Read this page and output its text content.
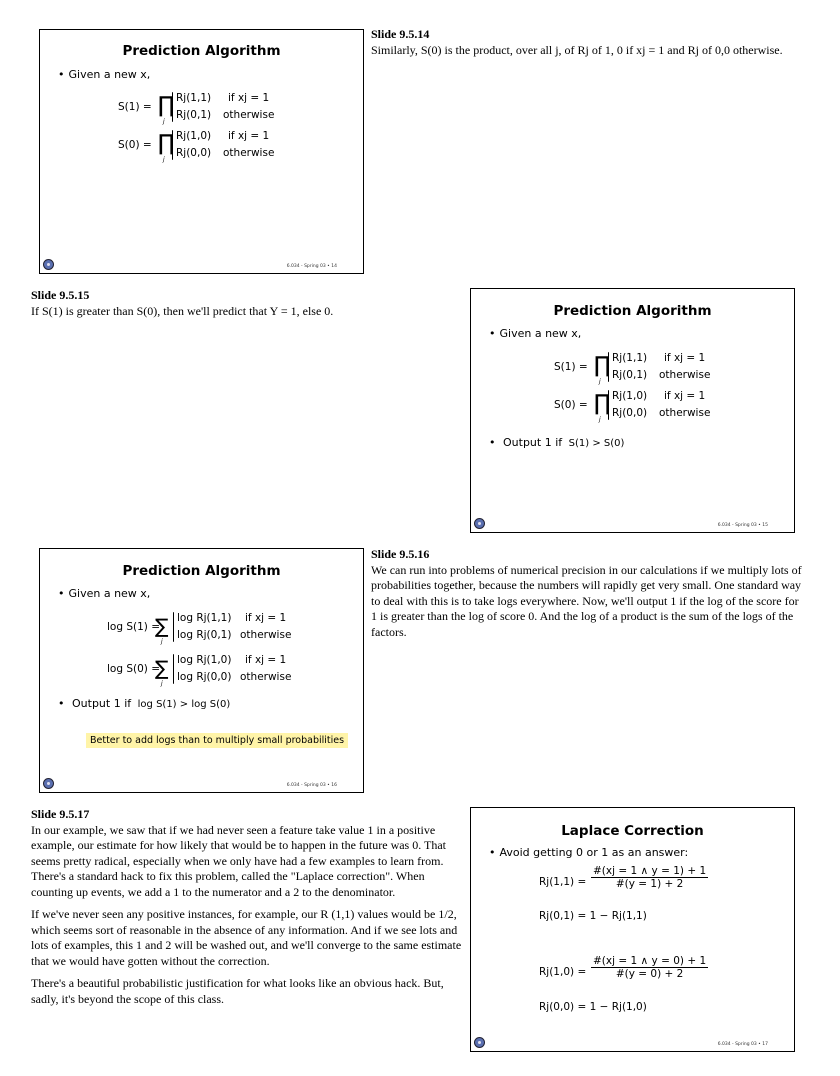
Prediction Algorithm
• Given a new x,
S(1) = ∏
j
Rj(1,1) if xj = 1
Rj(0,1) otherwise
S(0) = ∏
j
Rj(1,0) if xj = 1
Rj(0,0) otherwise
6.034 - Spring 03 • 14
Slide 9.5.14
Similarly, S(0) is the product, over all j, of Rj of 1, 0 if xj = 1 and Rj of 0,0 otherwise.
Slide 9.5.15
If S(1) is greater than S(0), then we'll predict that Y = 1, else 0.	Prediction Algorithm
• Given a new x,
S(1) = ∏
j
Rj(1,1) if xj = 1
Rj(0,1) otherwise
S(0) = ∏
j
Rj(1,0) if xj = 1
Rj(0,0) otherwise
• Output 1 if S(1) > S(0)
6.034 - Spring 03 • 15
Prediction Algorithm
• Given a new x,
log S(1) =
∑
j
log Rj(1,1) if xj = 1
log Rj(0,1) otherwise
log S(0) =
∑
j
log Rj(1,0) if xj = 1
log Rj(0,0) otherwise
• Output 1 if log S(1) > log S(0)
Better to add logs than to multiply small probabilities
6.034 - Spring 03 • 16
Slide 9.5.16
We can run into problems of numerical precision in our calculations if we multiply lots of probabilities together, because the numbers will rapidly get very small. One standard way to deal with this is to take logs everywhere. Now, we'll output 1 if the log of the score for 1 is greater than the log of score 0. And the log of a product is the sum of the logs of the factors.
Slide 9.5.17

In our example, we saw that if we had never seen a feature take value 1 in a positive example, our estimate for how likely that would be to happen in the future was 0. That seems pretty radical, especially when we only have had a few examples to learn from. There's a standard hack to fix this problem, called the "Laplace correction". When counting up events, we add a 1 to the numerator and a 2 to the denominator.

If we've never seen any positive instances, for example, our R (1,1) values would be 1/2, which seems sort of reasonable in the absence of any information. And if we see lots and lots of examples, this 1 and 2 will be washed out, and we'll converge to the same estimate that we would have gotten without the correction.

There's a beautiful probabilistic justification for what looks like an obvious hack. But, sadly, it's beyond the scope of this class.

Laplace Correction
• Avoid getting 0 or 1 as an answer:
$Rj(1,1) = \frac{\#(xj = 1 \wedge y = 1) + 1}{\#(y = 1) + 2}$
Rj(0,1) = 1 − Rj(1,1)
$Rj(1,0) = \frac{\#(xj = 1 \wedge y = 0) + 1}{\#(y = 0) + 2}$
Rj(0,0) = 1 − Rj(1,0)
6.034 - Spring 03 • 17
